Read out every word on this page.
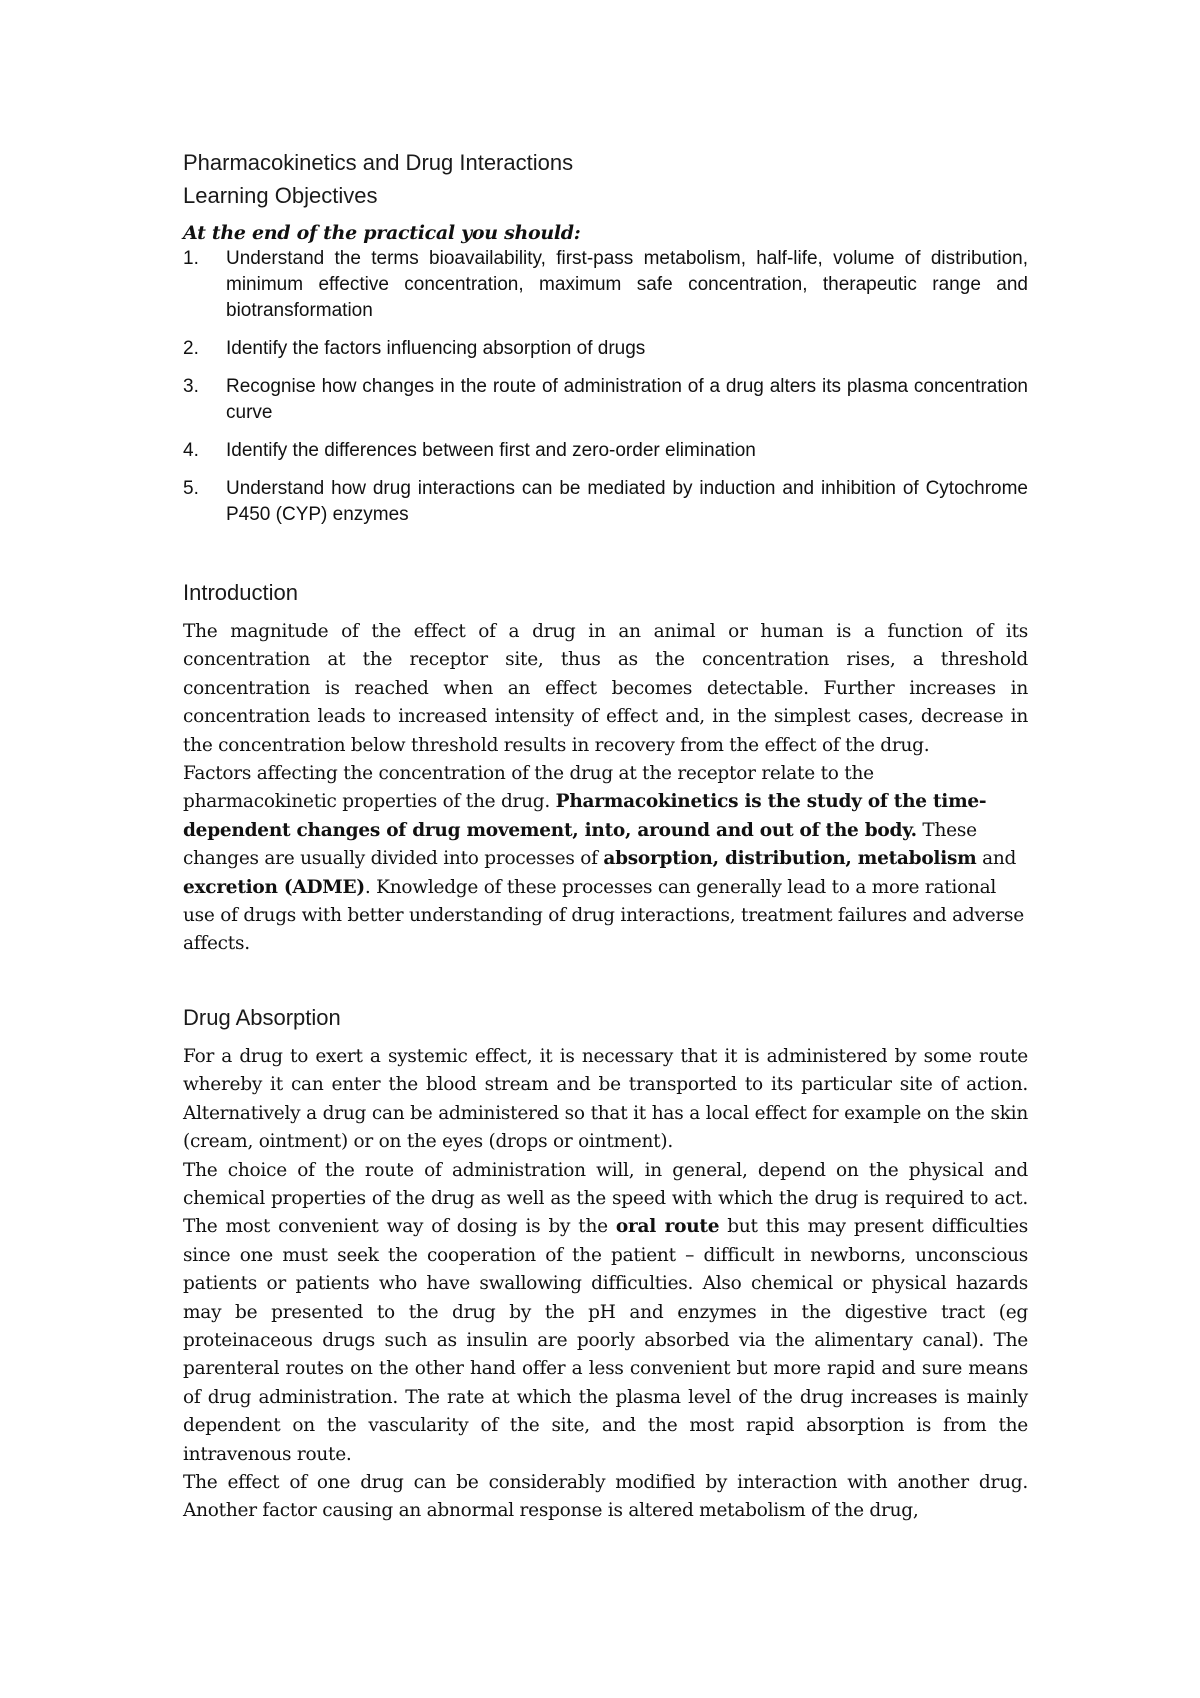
Pharmacokinetics and Drug Interactions
Learning Objectives

At the end of the practical you should:

1.	Understand the terms bioavailability, first-pass metabolism, half-life, volume of distribution, minimum effective concentration, maximum safe concentration, therapeutic range and biotransformation
2.	Identify the factors influencing absorption of drugs
3.	Recognise how changes in the route of administration of a drug alters its plasma concentration curve
4.	Identify the differences between first and zero-order elimination
5.	Understand how drug interactions can be mediated by induction and inhibition of Cytochrome P450 (CYP) enzymes
Introduction

The magnitude of the effect of a drug in an animal or human is a function of its concentration at the receptor site, thus as the concentration rises, a threshold concentration is reached when an effect becomes detectable. Further increases in concentration leads to increased intensity of effect and, in the simplest cases, decrease in the concentration below threshold results in recovery from the effect of the drug.

Factors affecting the concentration of the drug at the receptor relate to the pharmacokinetic properties of the drug. Pharmacokinetics is the study of the time-dependent changes of drug movement, into, around and out of the body. These changes are usually divided into processes of absorption, distribution, metabolism and excretion (ADME). Knowledge of these processes can generally lead to a more rational use of drugs with better understanding of drug interactions, treatment failures and adverse affects.

Drug Absorption

For a drug to exert a systemic effect, it is necessary that it is administered by some route whereby it can enter the blood stream and be transported to its particular site of action. Alternatively a drug can be administered so that it has a local effect for example on the skin (cream, ointment) or on the eyes (drops or ointment).

The choice of the route of administration will, in general, depend on the physical and chemical properties of the drug as well as the speed with which the drug is required to act. The most convenient way of dosing is by the oral route but this may present difficulties since one must seek the cooperation of the patient – difficult in newborns, unconscious patients or patients who have swallowing difficulties. Also chemical or physical hazards may be presented to the drug by the pH and enzymes in the digestive tract (eg proteinaceous drugs such as insulin are poorly absorbed via the alimentary canal). The parenteral routes on the other hand offer a less convenient but more rapid and sure means of drug administration. The rate at which the plasma level of the drug increases is mainly dependent on the vascularity of the site, and the most rapid absorption is from the intravenous route.

The effect of one drug can be considerably modified by interaction with another drug. Another factor causing an abnormal response is altered metabolism of the drug,
